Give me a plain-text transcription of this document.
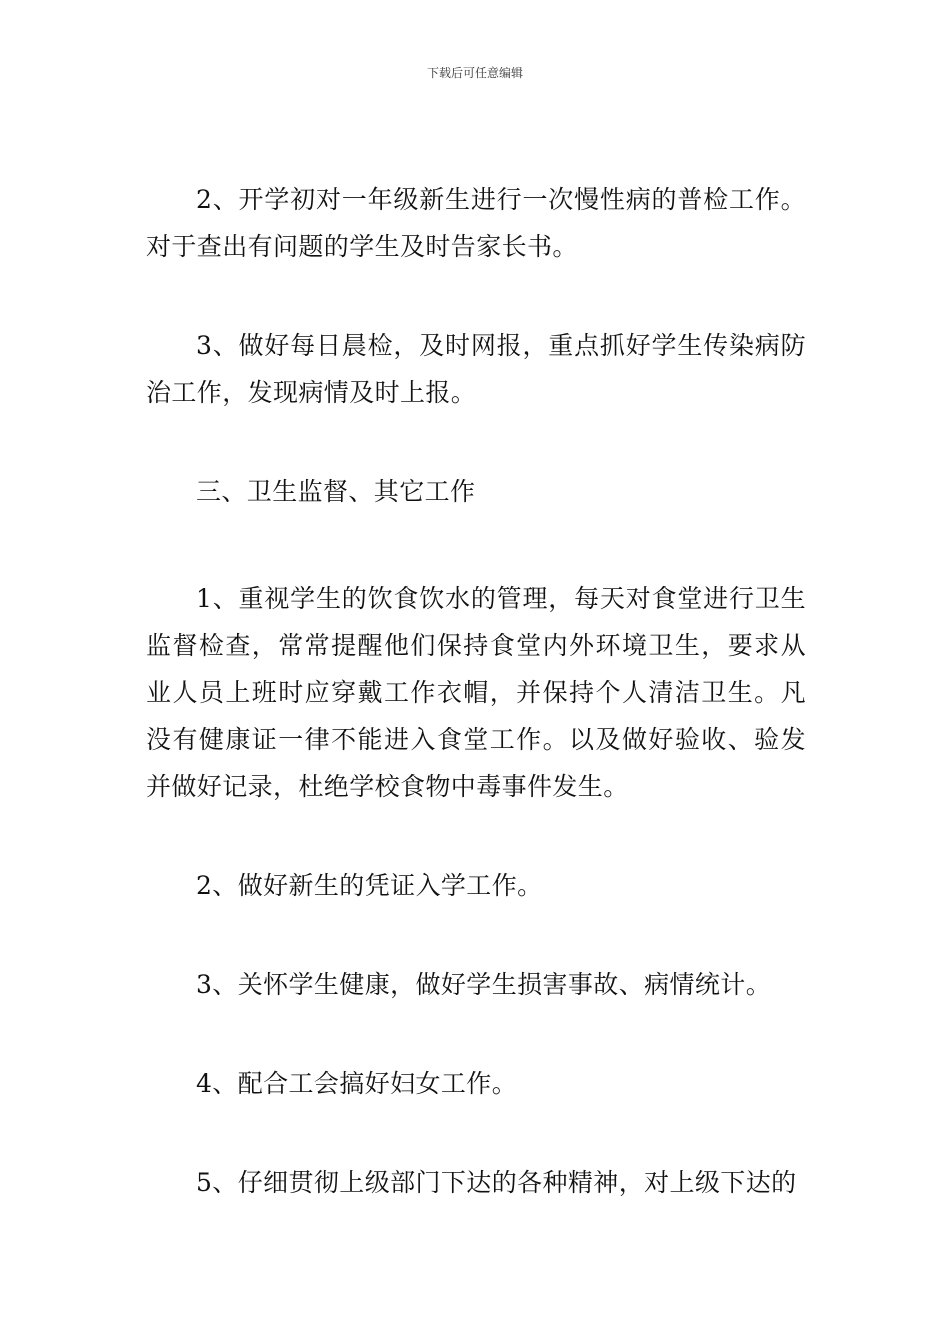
下载后可任意编辑

2、开学初对一年级新生进行一次慢性病的普检工作。对于查出有问题的学生及时告家长书。

3、做好每日晨检，及时网报，重点抓好学生传染病防治工作，发现病情及时上报。

三、卫生监督、其它工作

1、重视学生的饮食饮水的管理，每天对食堂进行卫生监督检查，常常提醒他们保持食堂内外环境卫生，要求从业人员上班时应穿戴工作衣帽，并保持个人清洁卫生。凡没有健康证一律不能进入食堂工作。以及做好验收、验发并做好记录，杜绝学校食物中毒事件发生。

2、做好新生的凭证入学工作。

3、关怀学生健康，做好学生损害事故、病情统计。

4、配合工会搞好妇女工作。

5、仔细贯彻上级部门下达的各种精神，对上级下达的
